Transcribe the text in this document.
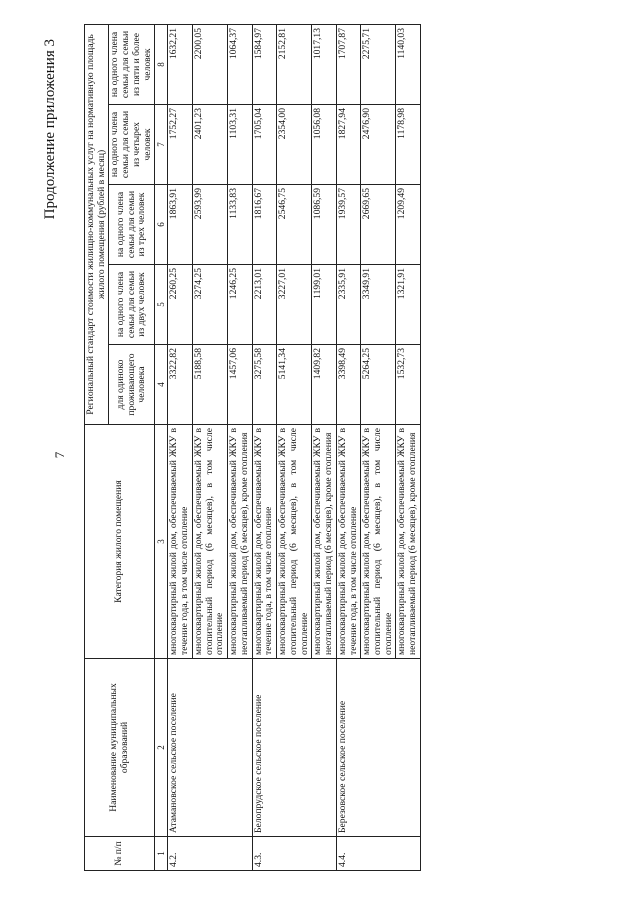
7
Продолжение приложения 3
№ п/п	Наименование муниципальных образований	Категория жилого помещения	Региональный стандарт стоимости жилищно-коммунальных услуг на нормативную площадь жилого помещения (рублей в месяц)				
			для одиноко проживающего человека	на одного члена семьи для семьи из двух человек	на одного члена семьи для семьи из трех человек	на одного члена семьи для семьи из четырех человек	на одного члена семьи для семьи из пяти и более человек
1	2	3	4	5	6	7	8
4.2.	Атамановское сельское поселение	многоквартирный жилой дом, обеспечиваемый ЖКУ в течение года, в том числе отопление	3322,82	2260,25	1863,91	1752,27	1632,21
		многоквартирный жилой дом, обеспечиваемый ЖКУ в отопительный период (6 месяцев), в том числе отопление	5188,58	3274,25	2593,99	2401,23	2200,05
		многоквартирный жилой дом, обеспечиваемый ЖКУ в неотапливаемый период (6 месяцев), кроме отопления	1457,06	1246,25	1133,83	1103,31	1064,37
4.3.	Белопрудское сельское поселение	многоквартирный жилой дом, обеспечиваемый ЖКУ в течение года, в том числе отопление	3275,58	2213,01	1816,67	1705,04	1584,97
		многоквартирный жилой дом, обеспечиваемый ЖКУ в отопительный период (6 месяцев), в том числе отопление	5141,34	3227,01	2546,75	2354,00	2152,81
		многоквартирный жилой дом, обеспечиваемый ЖКУ в неотапливаемый период (6 месяцев), кроме отопления	1409,82	1199,01	1086,59	1056,08	1017,13
4.4.	Березовское сельское поселение	многоквартирный жилой дом, обеспечиваемый ЖКУ в течение года, в том числе отопление	3398,49	2335,91	1939,57	1827,94	1707,87
		многоквартирный жилой дом, обеспечиваемый ЖКУ в отопительный период (6 месяцев), в том числе отопление	5264,25	3349,91	2669,65	2476,90	2275,71
		многоквартирный жилой дом, обеспечиваемый ЖКУ в неотапливаемый период (6 месяцев), кроме отопления	1532,73	1321,91	1209,49	1178,98	1140,03
